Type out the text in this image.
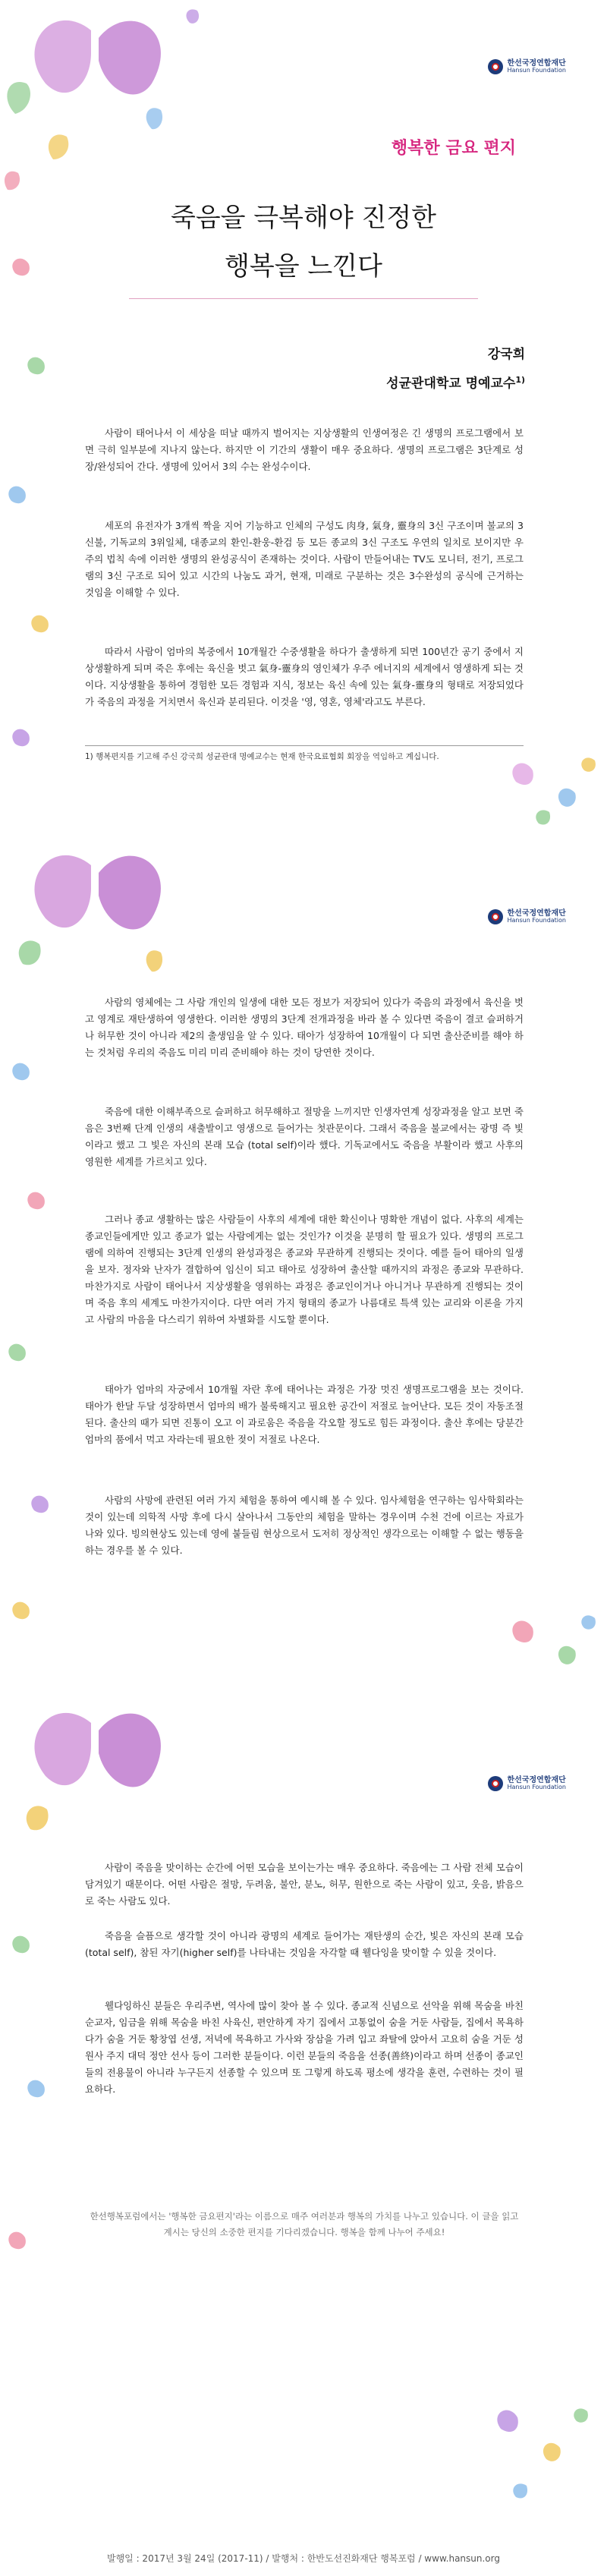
한선국정연합재단
Hansun Foundation
행복한 금요 편지
죽음을 극복해야 진정한
행복을 느낀다
강국희
성균관대학교 명예교수$^{1)}$

사람이 태어나서 이 세상을 떠날 때까지 벌어지는 지상생활의 인생여정은 긴 생명의 프로그램에서 보면 극히 일부분에 지나지 않는다. 하지만 이 기간의 생활이 매우 중요하다. 생명의 프로그램은 3단계로 성장/완성되어 간다. 생명에 있어서 3의 수는 완성수이다.

세포의 유전자가 3개씩 짝을 지어 기능하고 인체의 구성도 肉身, 氣身, 靈身의 3신 구조이며 불교의 3신불, 기독교의 3위일체, 대종교의 환인-환웅-환검 등 모든 종교의 3신 구조도 우연의 일치로 보이지만 우주의 법칙 속에 이러한 생명의 완성공식이 존재하는 것이다. 사람이 만들어내는 TV도 모니터, 전기, 프로그램의 3신 구조로 되어 있고 시간의 나눔도 과거, 현재, 미래로 구분하는 것은 3수완성의 공식에 근거하는 것임을 이해할 수 있다.

따라서 사람이 엄마의 복중에서 10개월간 수중생활을 하다가 출생하게 되면 100년간 공기 중에서 지상생활하게 되며 죽은 후에는 육신을 벗고 氣身-靈身의 영인체가 우주 에너지의 세계에서 영생하게 되는 것이다. 지상생활을 통하여 경험한 모든 경험과 지식, 정보는 육신 속에 있는 氣身-靈身의 형태로 저장되었다가 죽음의 과정을 거치면서 육신과 분리된다. 이것을 '영, 영혼, 영체'라고도 부른다.

1) 행복편지를 기고해 주신 강국희 성균관대 명예교수는 현재 한국요료협회 회장을 역임하고 계십니다.
한선국정연합재단
Hansun Foundation

사람의 영체에는 그 사람 개인의 일생에 대한 모든 정보가 저장되어 있다가 죽음의 과정에서 육신을 벗고 영계로 재탄생하여 영생한다. 이러한 생명의 3단계 전개과정을 바라 볼 수 있다면 죽음이 결코 슬퍼하거나 허무한 것이 아니라 제2의 출생임을 알 수 있다. 태아가 성장하여 10개월이 다 되면 출산준비를 해야 하는 것처럼 우리의 죽음도 미리 미리 준비해야 하는 것이 당연한 것이다.

죽음에 대한 이해부족으로 슬퍼하고 허무해하고 절망을 느끼지만 인생자연계 성장과정을 알고 보면 죽음은 3번째 단계 인생의 새출발이고 영생으로 들어가는 첫관문이다. 그래서 죽음을 불교에서는 광명 즉 빛이라고 했고 그 빛은 자신의 본래 모습 (total self)이라 했다. 기독교에서도 죽음을 부활이라 했고 사후의 영원한 세계를 가르치고 있다.

그러나 종교 생활하는 많은 사람들이 사후의 세계에 대한 확신이나 명확한 개념이 없다. 사후의 세계는 종교인들에게만 있고 종교가 없는 사람에게는 없는 것인가? 이것을 분명히 할 필요가 있다. 생명의 프로그램에 의하여 진행되는 3단계 인생의 완성과정은 종교와 무관하게 진행되는 것이다. 예를 들어 태아의 일생을 보자. 정자와 난자가 결합하여 임신이 되고 태아로 성장하여 출산할 때까지의 과정은 종교와 무관하다. 마찬가지로 사람이 태어나서 지상생활을 영위하는 과정은 종교인이거나 아니거나 무관하게 진행되는 것이며 죽음 후의 세계도 마찬가지이다. 다만 여러 가지 형태의 종교가 나름대로 특색 있는 교리와 이론을 가지고 사람의 마음을 다스리기 위하여 차별화를 시도할 뿐이다.

태아가 엄마의 자궁에서 10개월 자란 후에 태어나는 과정은 가장 멋진 생명프로그램을 보는 것이다. 태아가 한달 두달 성장하면서 엄마의 배가 불룩해지고 필요한 공간이 저절로 늘어난다. 모든 것이 자동조절된다. 출산의 때가 되면 진통이 오고 이 과로움은 죽음을 각오할 정도로 힘든 과정이다. 출산 후에는 당분간 엄마의 품에서 먹고 자라는데 필요한 젖이 저절로 나온다.

사람의 사망에 관련된 여러 가지 체험을 통하여 예시해 볼 수 있다. 임사체험을 연구하는 임사학회라는 것이 있는데 의학적 사망 후에 다시 살아나서 그동안의 체험을 말하는 경우이며 수천 건에 이르는 자료가 나와 있다. 빙의현상도 있는데 영에 붙들림 현상으로서 도저히 정상적인 생각으로는 이해할 수 없는 행동을 하는 경우를 볼 수 있다.

한선국정연합재단
Hansun Foundation

사람이 죽음을 맞이하는 순간에 어떤 모습을 보이는가는 매우 중요하다. 죽음에는 그 사람 전체 모습이 담겨있기 때문이다. 어떤 사람은 절망, 두려움, 불안, 분노, 허무, 원한으로 죽는 사람이 있고, 웃음, 밝음으로 죽는 사람도 있다.

죽음을 슬픔으로 생각할 것이 아니라 광명의 세계로 들어가는 재탄생의 순간, 빛은 자신의 본래 모습(total self), 참된 자기(higher self)를 나타내는 것임을 자각할 때 웰다잉을 맞이할 수 있을 것이다.

웰다잉하신 분들은 우리주변, 역사에 많이 찾아 볼 수 있다. 종교적 신념으로 선악을 위해 목숨을 바친 순교자, 임금을 위해 목숨을 바친 사육신, 편안하게 자기 집에서 고통없이 숨을 거둔 사람들, 집에서 목욕하다가 숨을 거둔 황창엽 선생, 저녁에 목욕하고 가사와 장삼을 가려 입고 좌탈에 앉아서 고요히 숨을 거둔 성원사 주지 대덕 정안 선사 등이 그러한 분들이다. 이런 분들의 죽음을 선종(善終)이라고 하며 선종이 종교인들의 전용물이 아니라 누구든지 선종할 수 있으며 또 그렇게 하도록 평소에 생각을 훈련, 수련하는 것이 필요하다.

한선행복포럼에서는 '행복한 금요편지'라는 이름으로 매주 여러분과 행복의 가치를 나누고 있습니다. 이 글을 읽고 계시는 당신의 소중한 편지를 기다리겠습니다. 행복을 함께 나누어 주세요!
발행일 : 2017년 3월 24일 (2017-11) / 발행처 : 한반도선진화재단 행복포럼 / www.hansun.org
